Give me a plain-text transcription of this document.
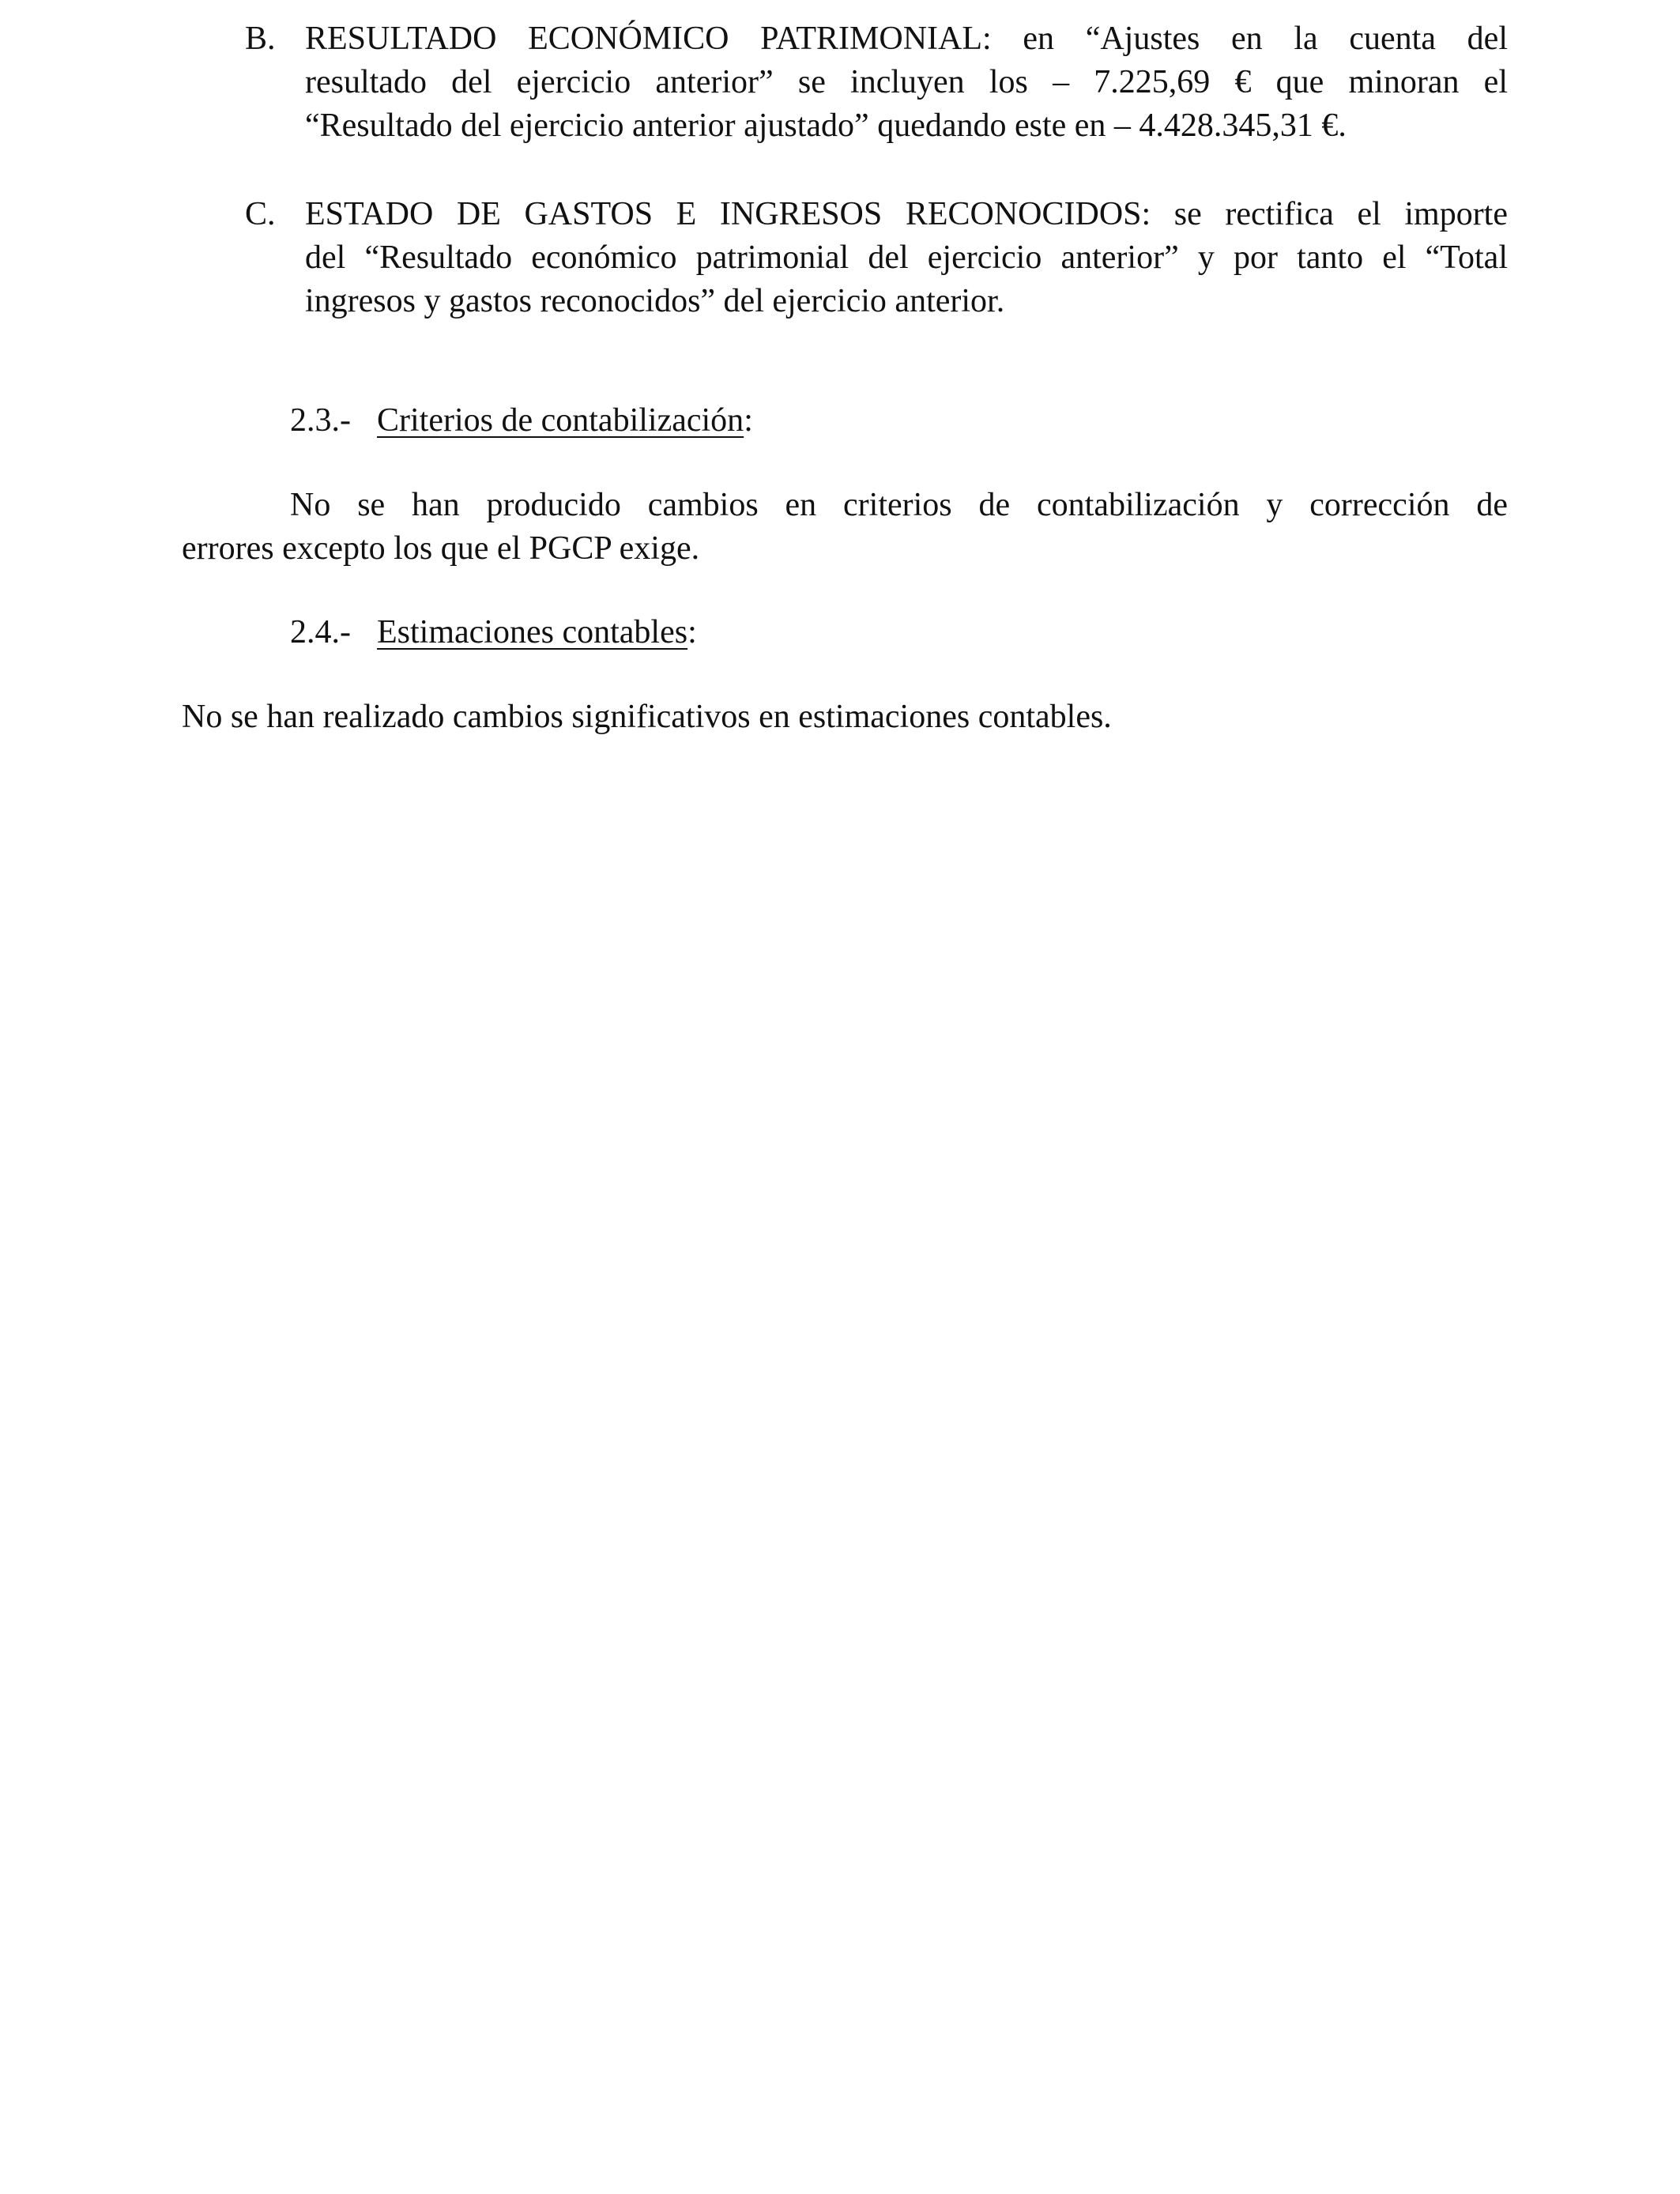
B. RESULTADO ECONÓMICO PATRIMONIAL: en “Ajustes en la cuenta del
resultado del ejercicio anterior” se incluyen los – 7.225,69 € que minoran el
“Resultado del ejercicio anterior ajustado” quedando este en – 4.428.345,31 €.
C. ESTADO DE GASTOS E INGRESOS RECONOCIDOS: se rectifica el importe
del “Resultado económico patrimonial del ejercicio anterior” y por tanto el “Total
ingresos y gastos reconocidos” del ejercicio anterior.
2.3.- Criterios de contabilización:
No se han producido cambios en criterios de contabilización y corrección de
errores excepto los que el PGCP exige.
2.4.- Estimaciones contables:
No se han realizado cambios significativos en estimaciones contables.
